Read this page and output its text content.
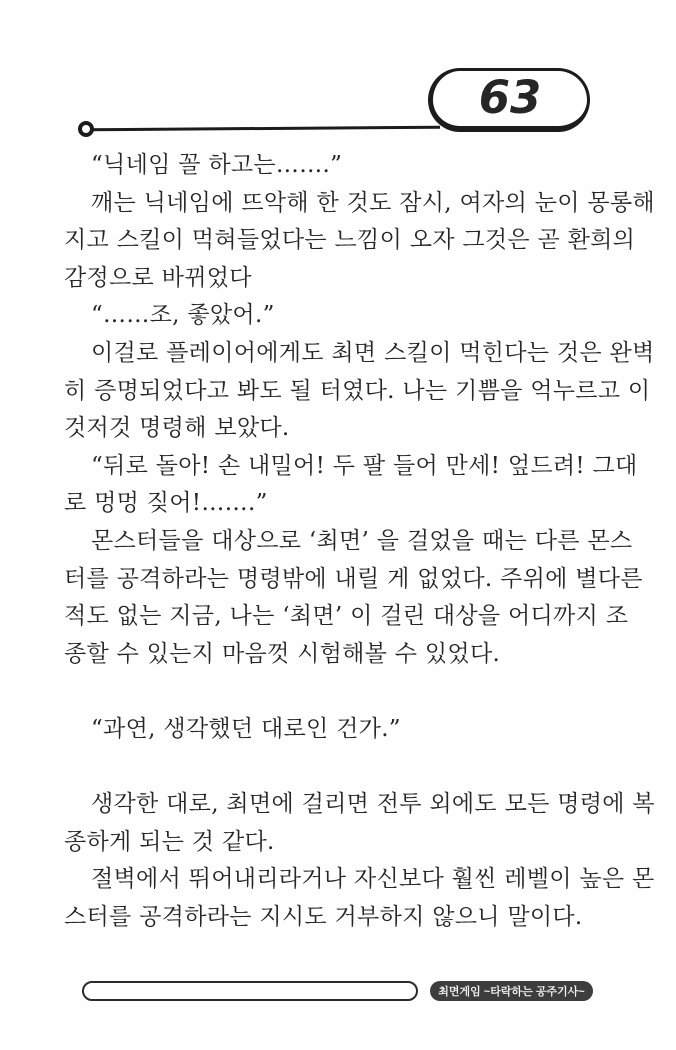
63
“닉네임 꼴 하고는…….”
깨는 닉네임에 뜨악해 한 것도 잠시, 여자의 눈이 몽롱해
지고 스킬이 먹혀들었다는 느낌이 오자 그것은 곧 환희의
감정으로 바뀌었다
“……조, 좋았어.”
이걸로 플레이어에게도 최면 스킬이 먹힌다는 것은 완벽
히 증명되었다고 봐도 될 터였다. 나는 기쁨을 억누르고 이
것저것 명령해 보았다.
“뒤로 돌아! 손 내밀어! 두 팔 들어 만세! 엎드려! 그대
로 멍멍 짖어!…….”
몬스터들을 대상으로 ‘최면’ 을 걸었을 때는 다른 몬스
터를 공격하라는 명령밖에 내릴 게 없었다. 주위에 별다른
적도 없는 지금, 나는 ‘최면’ 이 걸린 대상을 어디까지 조
종할 수 있는지 마음껏 시험해볼 수 있었다.
“과연, 생각했던 대로인 건가.”
생각한 대로, 최면에 걸리면 전투 외에도 모든 명령에 복
종하게 되는 것 같다.
절벽에서 뛰어내리라거나 자신보다 훨씬 레벨이 높은 몬
스터를 공격하라는 지시도 거부하지 않으니 말이다.
최면게임 ~타락하는 공주기사~
